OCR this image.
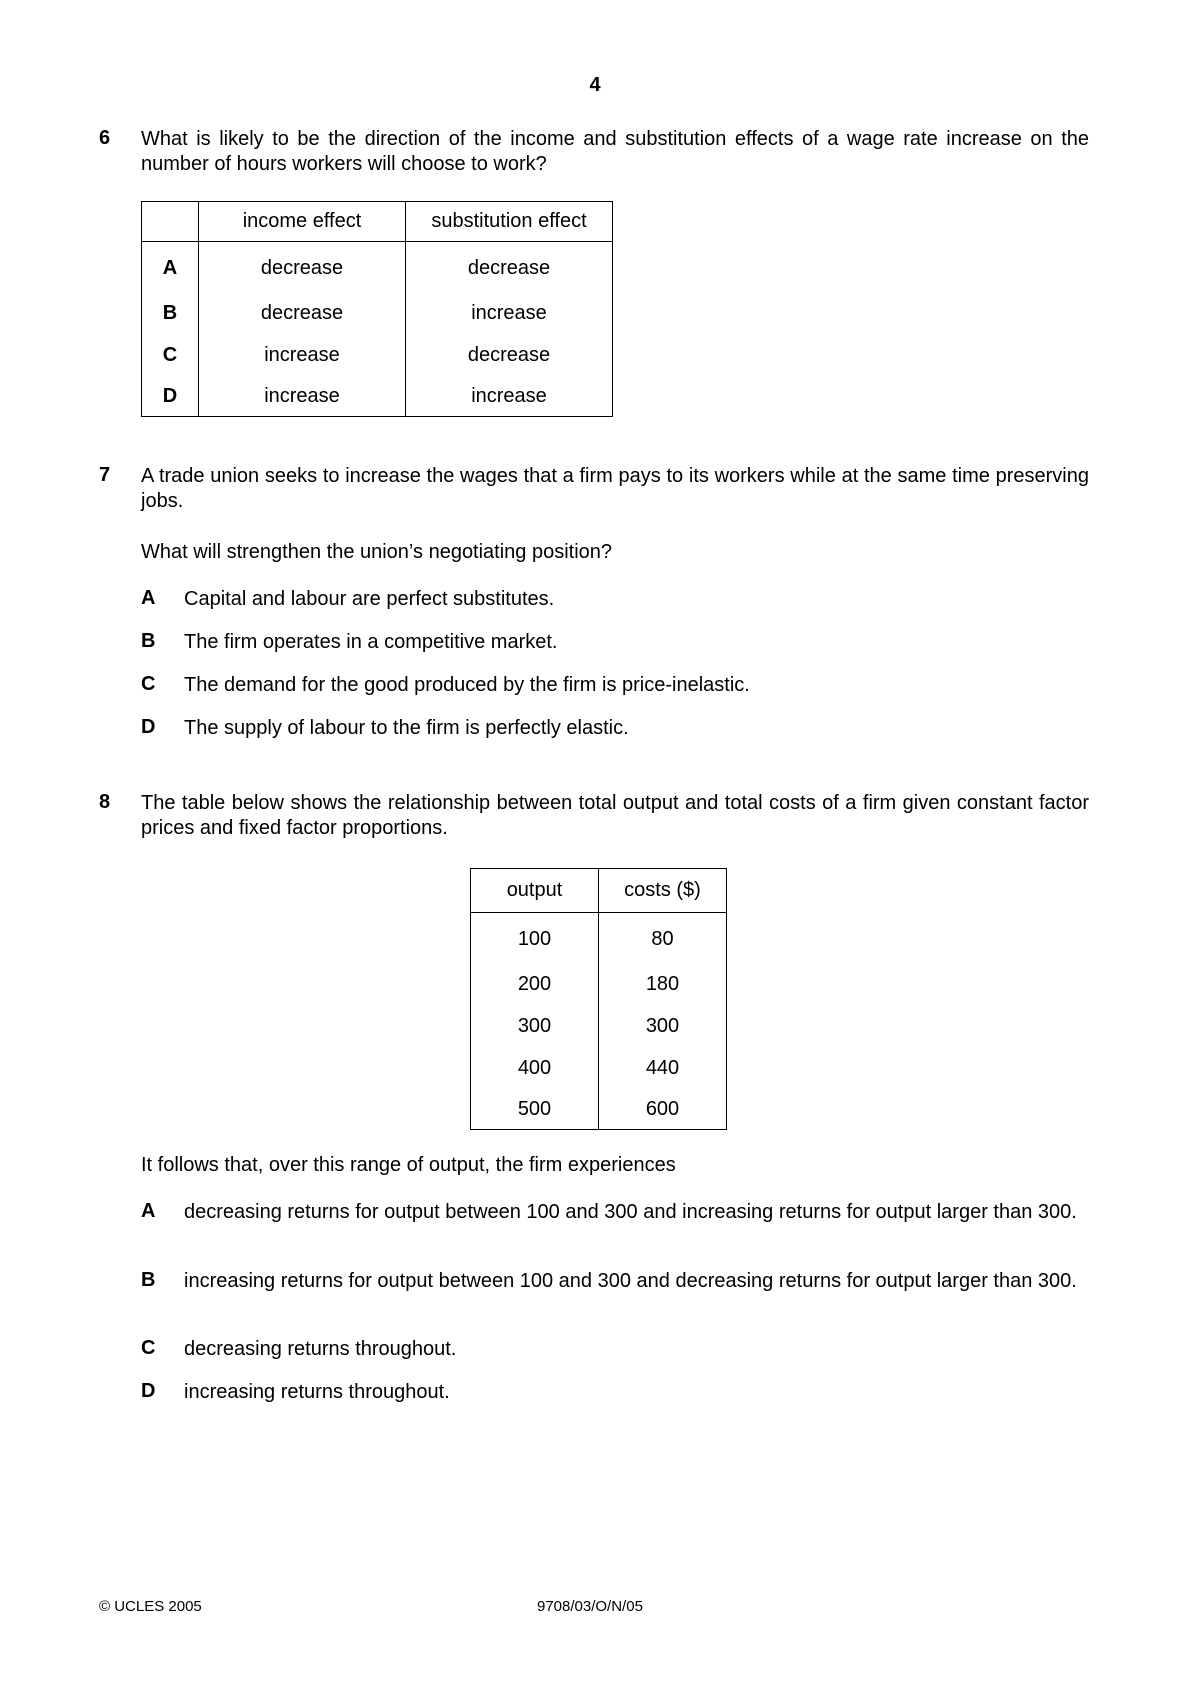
4
6 What is likely to be the direction of the income and substitution effects of a wage rate increase on the number of hours workers will choose to work?
	income effect	substitution effect
A	decrease	decrease
B	decrease	increase
C	increase	decrease
D	increase	increase
7 A trade union seeks to increase the wages that a firm pays to its workers while at the same time preserving jobs.
What will strengthen the union’s negotiating position?
A Capital and labour are perfect substitutes.
B The firm operates in a competitive market.
C The demand for the good produced by the firm is price-inelastic.
D The supply of labour to the firm is perfectly elastic.
8 The table below shows the relationship between total output and total costs of a firm given constant factor prices and fixed factor proportions.
output	costs ($)
100	80
200	180
300	300
400	440
500	600
It follows that, over this range of output, the firm experiences
A decreasing returns for output between 100 and 300 and increasing returns for output larger than 300.
B increasing returns for output between 100 and 300 and decreasing returns for output larger than 300.
C decreasing returns throughout.
D increasing returns throughout.
© UCLES 2005	9708/03/O/N/05
